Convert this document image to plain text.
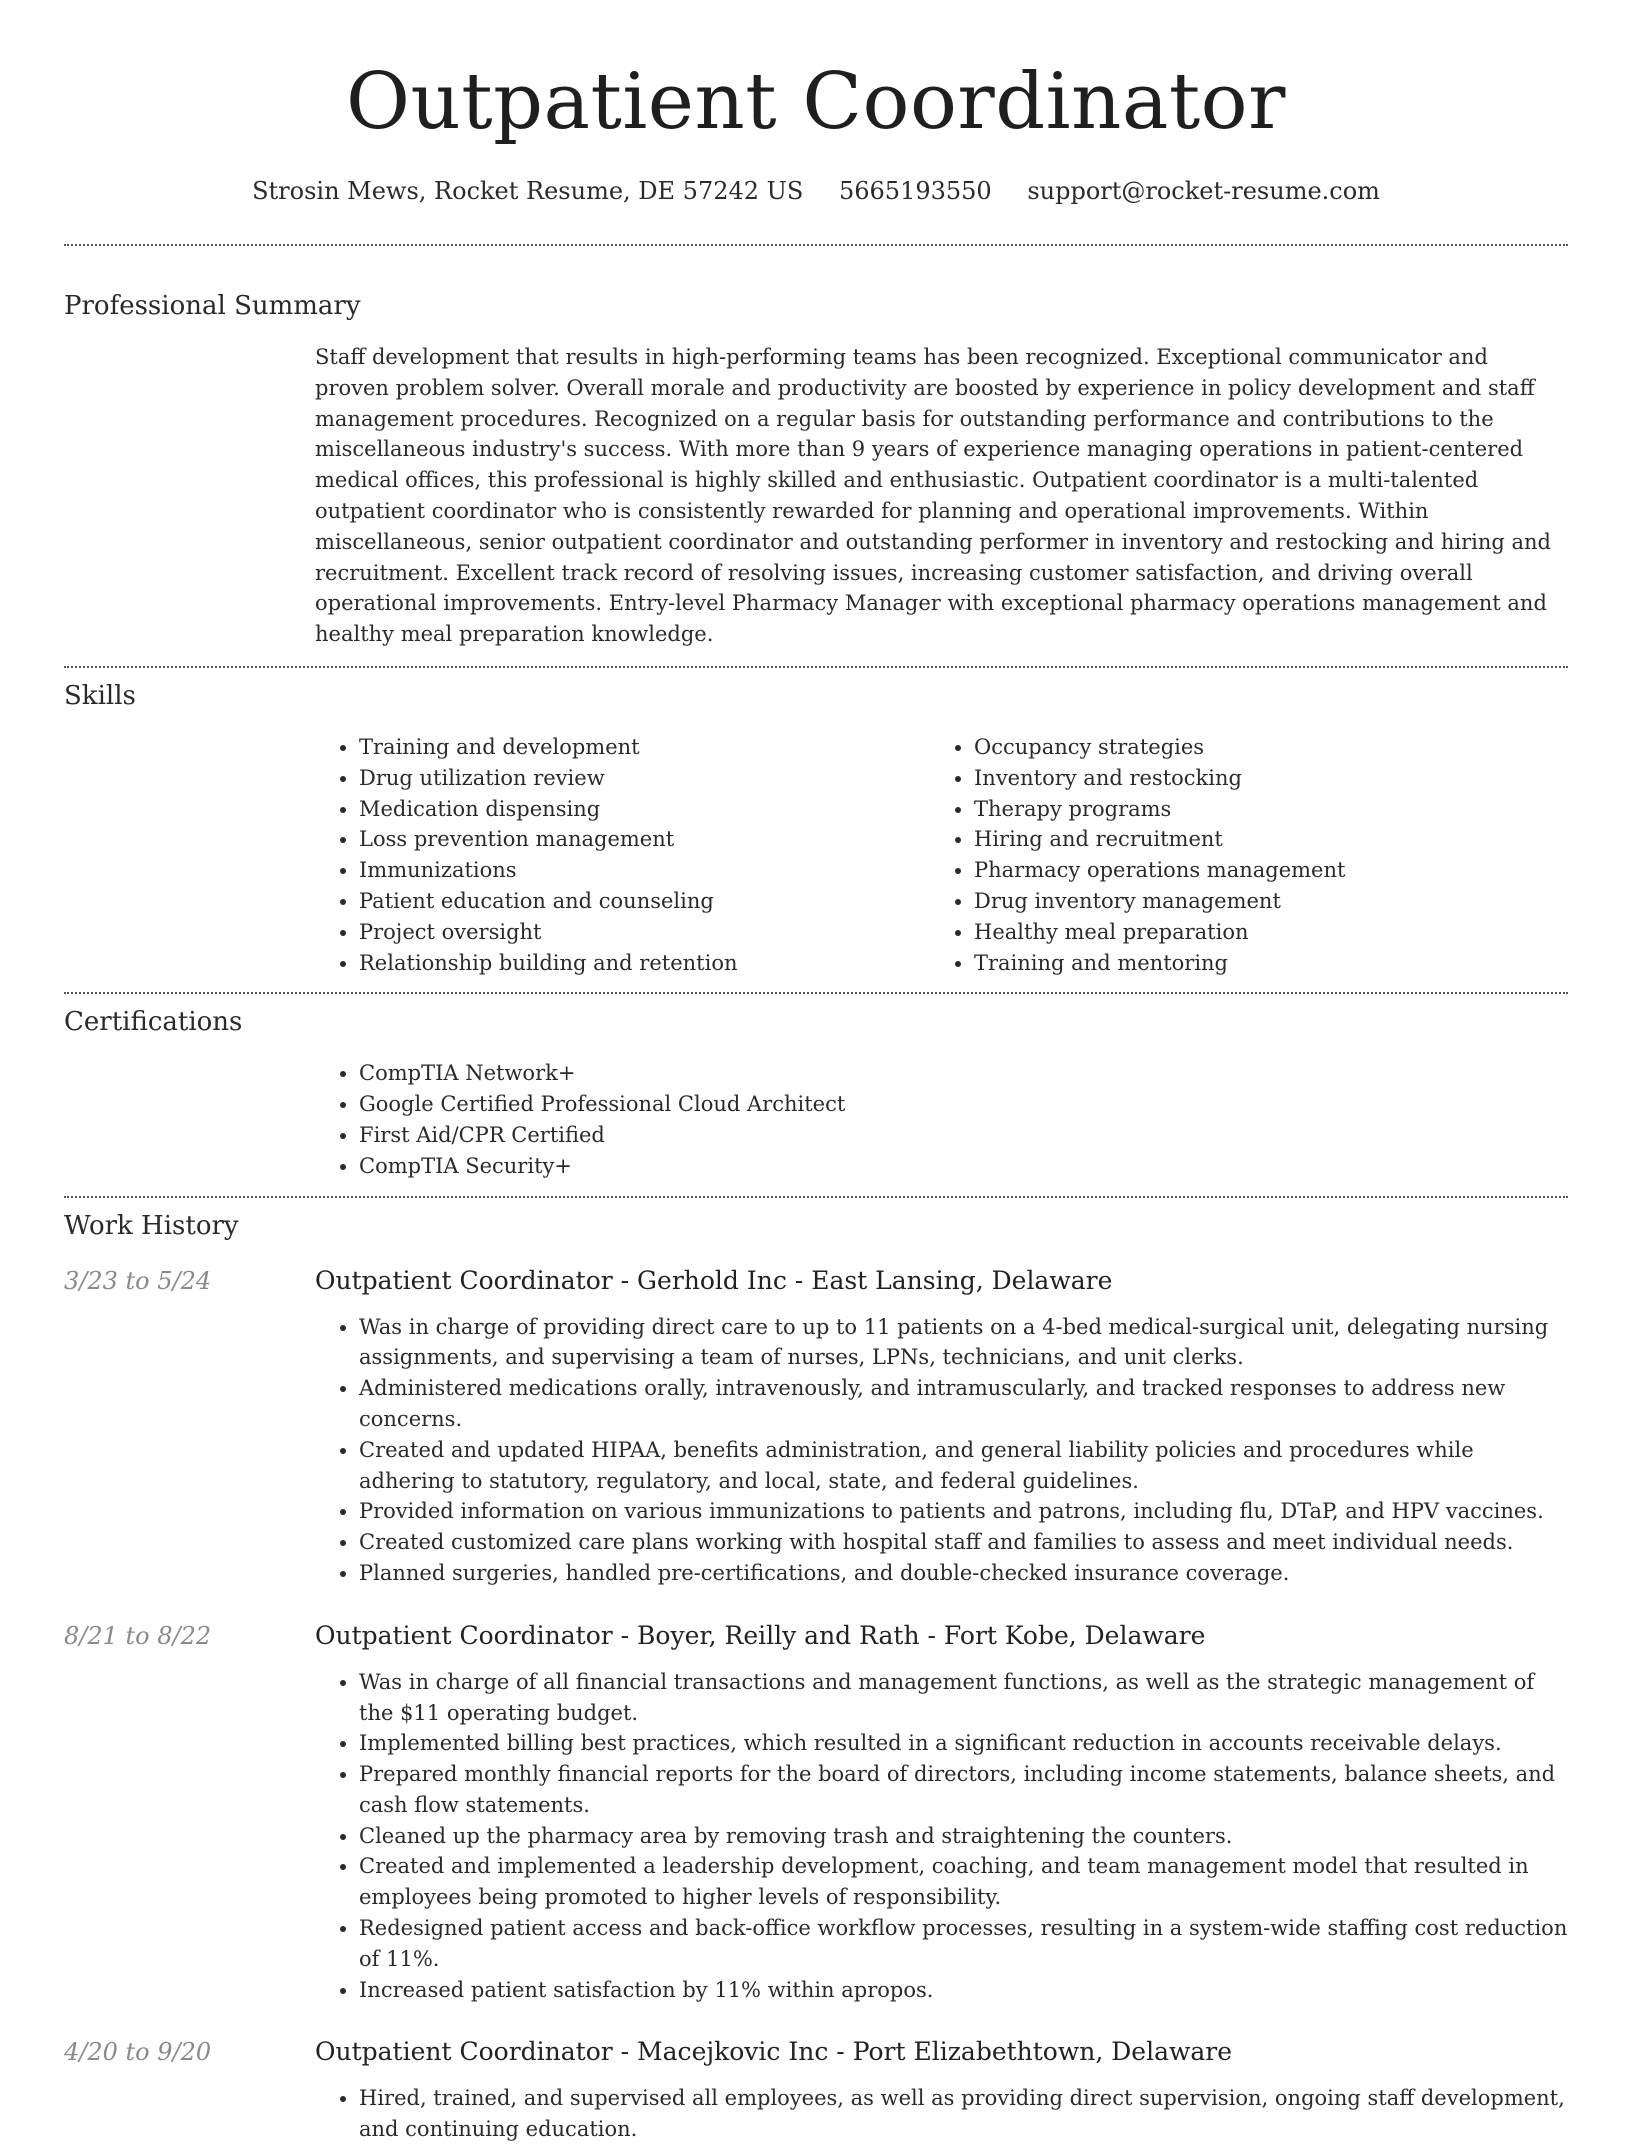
Outpatient Coordinator
Strosin Mews, Rocket Resume, DE 57242 US 5665193550 support@rocket-resume.com
Professional Summary
Staff development that results in high-performing teams has been recognized. Exceptional communicator and proven problem solver. Overall morale and productivity are boosted by experience in policy development and staff management procedures. Recognized on a regular basis for outstanding performance and contributions to the miscellaneous industry's success. With more than 9 years of experience managing operations in patient-centered medical offices, this professional is highly skilled and enthusiastic. Outpatient coordinator is a multi-talented outpatient coordinator who is consistently rewarded for planning and operational improvements. Within miscellaneous, senior outpatient coordinator and outstanding performer in inventory and restocking and hiring and recruitment. Excellent track record of resolving issues, increasing customer satisfaction, and driving overall operational improvements. Entry-level Pharmacy Manager with exceptional pharmacy operations management and healthy meal preparation knowledge.
Skills
• Training and development
• Drug utilization review
• Medication dispensing
• Loss prevention management
• Immunizations
• Patient education and counseling
• Project oversight
• Relationship building and retention
• Occupancy strategies
• Inventory and restocking
• Therapy programs
• Hiring and recruitment
• Pharmacy operations management
• Drug inventory management
• Healthy meal preparation
• Training and mentoring
Certifications
• CompTIA Network+
• Google Certified Professional Cloud Architect
• First Aid/CPR Certified
• CompTIA Security+
Work History
3/23 to 5/24	Outpatient Coordinator - Gerhold Inc - East Lansing, Delaware
• Was in charge of providing direct care to up to 11 patients on a 4-bed medical-surgical unit, delegating nursing assignments, and supervising a team of nurses, LPNs, technicians, and unit clerks.
• Administered medications orally, intravenously, and intramuscularly, and tracked responses to address new concerns.
• Created and updated HIPAA, benefits administration, and general liability policies and procedures while adhering to statutory, regulatory, and local, state, and federal guidelines.
• Provided information on various immunizations to patients and patrons, including flu, DTaP, and HPV vaccines.
• Created customized care plans working with hospital staff and families to assess and meet individual needs.
• Planned surgeries, handled pre-certifications, and double-checked insurance coverage.
8/21 to 8/22	Outpatient Coordinator - Boyer, Reilly and Rath - Fort Kobe, Delaware
• Was in charge of all financial transactions and management functions, as well as the strategic management of the $11 operating budget.
• Implemented billing best practices, which resulted in a significant reduction in accounts receivable delays.
• Prepared monthly financial reports for the board of directors, including income statements, balance sheets, and cash flow statements.
• Cleaned up the pharmacy area by removing trash and straightening the counters.
• Created and implemented a leadership development, coaching, and team management model that resulted in employees being promoted to higher levels of responsibility.
• Redesigned patient access and back-office workflow processes, resulting in a system-wide staffing cost reduction of 11%.
• Increased patient satisfaction by 11% within apropos.
4/20 to 9/20	Outpatient Coordinator - Macejkovic Inc - Port Elizabethtown, Delaware
• Hired, trained, and supervised all employees, as well as providing direct supervision, ongoing staff development, and continuing education.
